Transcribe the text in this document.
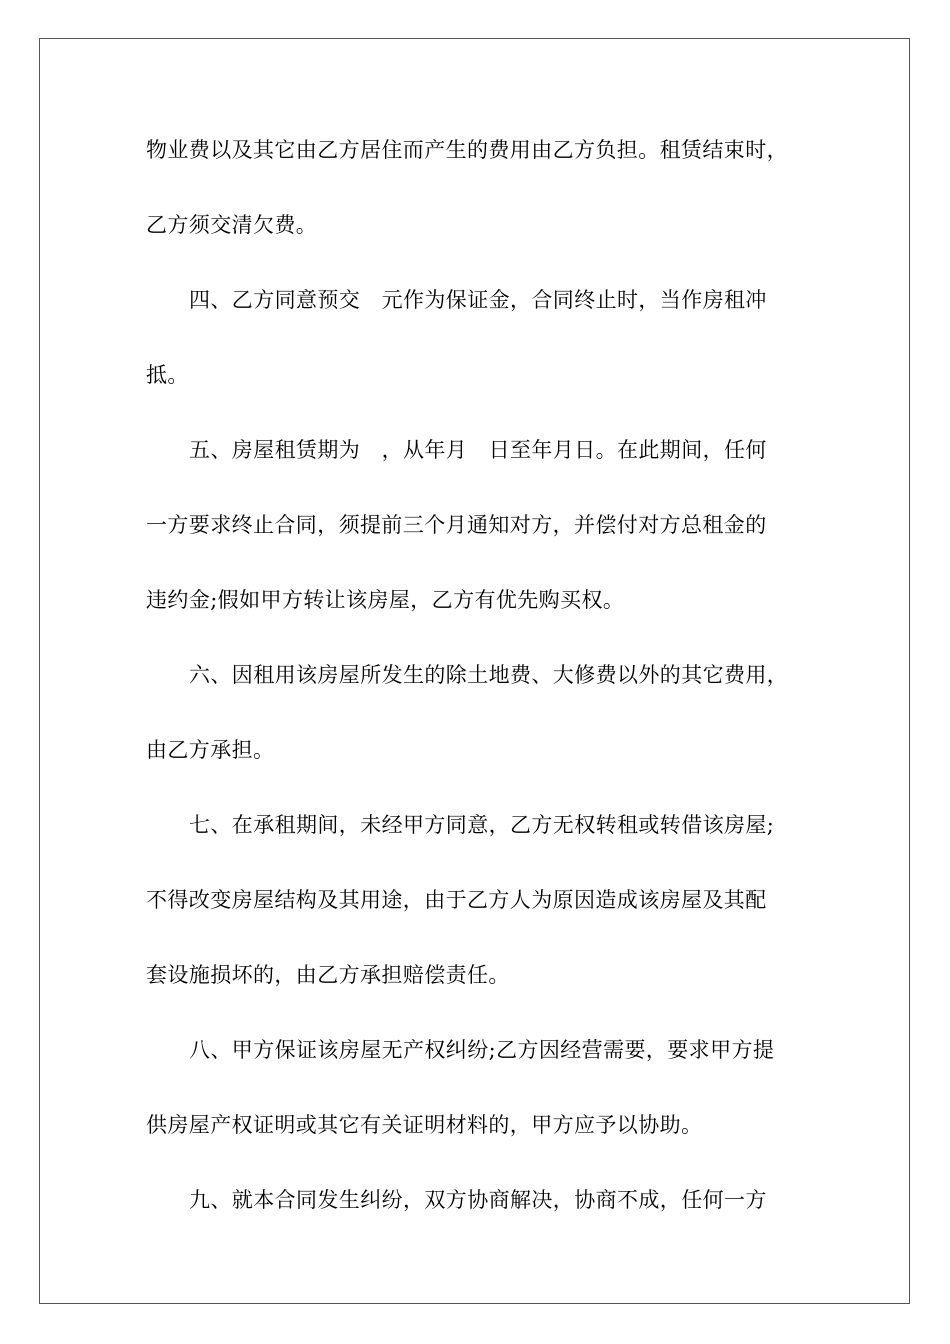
物业费以及其它由乙方居住而产生的费用由乙方负担。租赁结束时，
乙方须交清欠费。
四、乙方同意预交　元作为保证金，合同终止时，当作房租冲
抵。
五、房屋租赁期为　，从年月　日至年月日。在此期间，任何
一方要求终止合同，须提前三个月通知对方，并偿付对方总租金的
违约金;假如甲方转让该房屋，乙方有优先购买权。
六、因租用该房屋所发生的除土地费、大修费以外的其它费用，
由乙方承担。
七、在承租期间，未经甲方同意，乙方无权转租或转借该房屋;
不得改变房屋结构及其用途，由于乙方人为原因造成该房屋及其配
套设施损坏的，由乙方承担赔偿责任。
八、甲方保证该房屋无产权纠纷;乙方因经营需要，要求甲方提
供房屋产权证明或其它有关证明材料的，甲方应予以协助。
九、就本合同发生纠纷，双方协商解决，协商不成，任何一方
